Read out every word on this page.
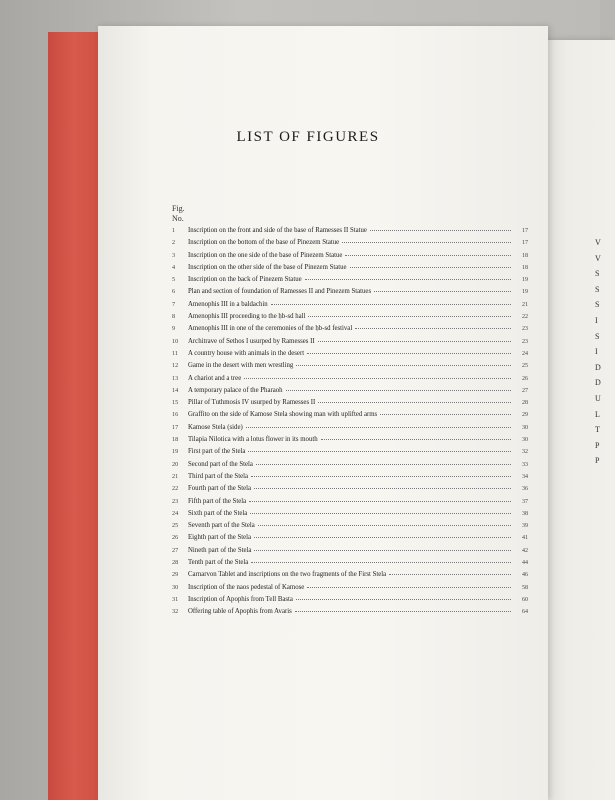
V
V
S
S
S
I
S
I
D
D
U
L
T
P
P
LIST OF FIGURES
Fig.
No.
1	Inscription on the front and side of the base of Ramesses II Statue	17
2	Inscription on the bottom of the base of Pinezem Statue	17
3	Inscription on the one side of the base of Pinezem Statue	18
4	Inscription on the other side of the base of Pinezem Statue	18
5	Inscription on the back of Pinezem Statue	19
6	Plan and section of foundation of Ramesses II and Pinezem Statues	19
7	Amenophis III in a baldachin	21
8	Amenophis III proceeding to the ḥb-sd hall	22
9	Amenophis III in one of the ceremonies of the ḥb-sd festival	23
10	Architrave of Sethos I usurped by Ramesses II	23
11	A country house with animals in the desert	24
12	Game in the desert with men wrestling	25
13	A chariot and a tree	26
14	A temporary palace of the Pharaoh	27
15	Pillar of Tuthmosis IV usurped by Ramesses II	28
16	Graffito on the side of Kamose Stela showing man with uplifted arms	29
17	Kamose Stela (side)	30
18	Tilapia Nilotica with a lotus flower in its mouth	30
19	First part of the Stela	32
20	Second part of the Stela	33
21	Third part of the Stela	34
22	Fourth part of the Stela	36
23	Fifth part of the Stela	37
24	Sixth part of the Stela	38
25	Seventh part of the Stela	39
26	Eighth part of the Stela	41
27	Nineth part of the Stela	42
28	Tenth part of the Stela	44
29	Carnarvon Tablet and inscriptions on the two fragments of the First Stela	46
30	Inscription of the naos pedestal of Kamose	58
31	Inscription of Apophis from Tell Basta	60
32	Offering table of Apophis from Avaris	64
